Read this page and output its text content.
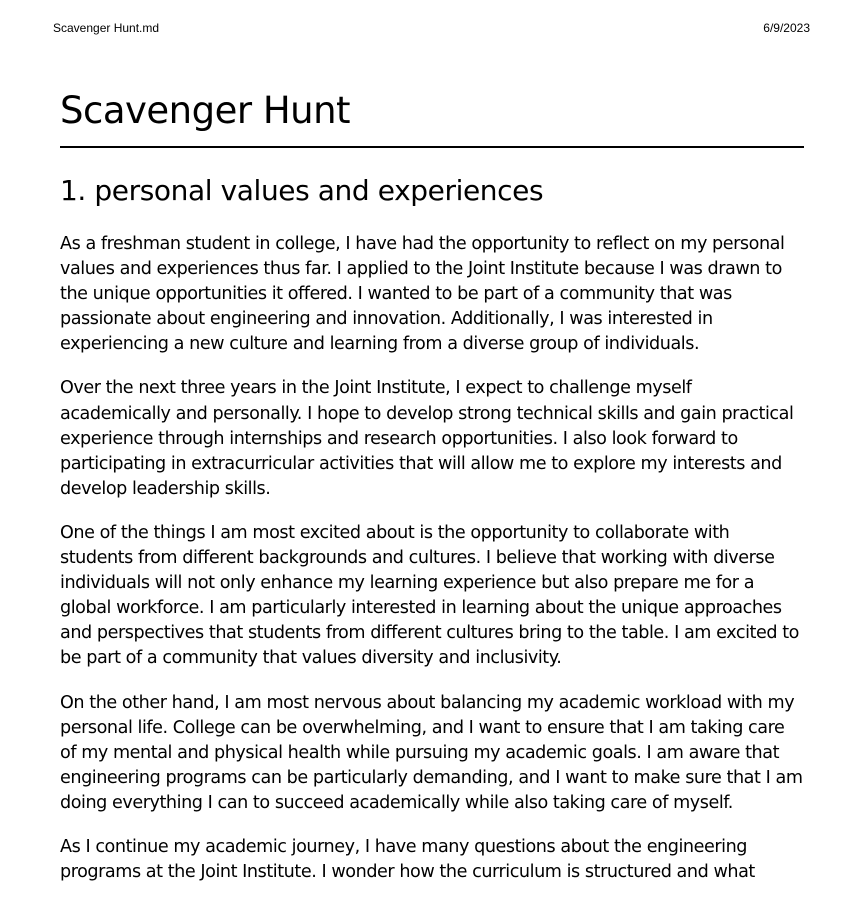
Scavenger Hunt.md	6/9/2023
Scavenger Hunt
1. personal values and experiences

As a freshman student in college, I have had the opportunity to reflect on my personal values and experiences thus far. I applied to the Joint Institute because I was drawn to the unique opportunities it offered. I wanted to be part of a community that was passionate about engineering and innovation. Additionally, I was interested in experiencing a new culture and learning from a diverse group of individuals.

Over the next three years in the Joint Institute, I expect to challenge myself academically and personally. I hope to develop strong technical skills and gain practical experience through internships and research opportunities. I also look forward to participating in extracurricular activities that will allow me to explore my interests and develop leadership skills.

One of the things I am most excited about is the opportunity to collaborate with students from different backgrounds and cultures. I believe that working with diverse individuals will not only enhance my learning experience but also prepare me for a global workforce. I am particularly interested in learning about the unique approaches and perspectives that students from different cultures bring to the table. I am excited to be part of a community that values diversity and inclusivity.

On the other hand, I am most nervous about balancing my academic workload with my personal life. College can be overwhelming, and I want to ensure that I am taking care of my mental and physical health while pursuing my academic goals. I am aware that engineering programs can be particularly demanding, and I want to make sure that I am doing everything I can to succeed academically while also taking care of myself.

As I continue my academic journey, I have many questions about the engineering programs at the Joint Institute. I wonder how the curriculum is structured and what
